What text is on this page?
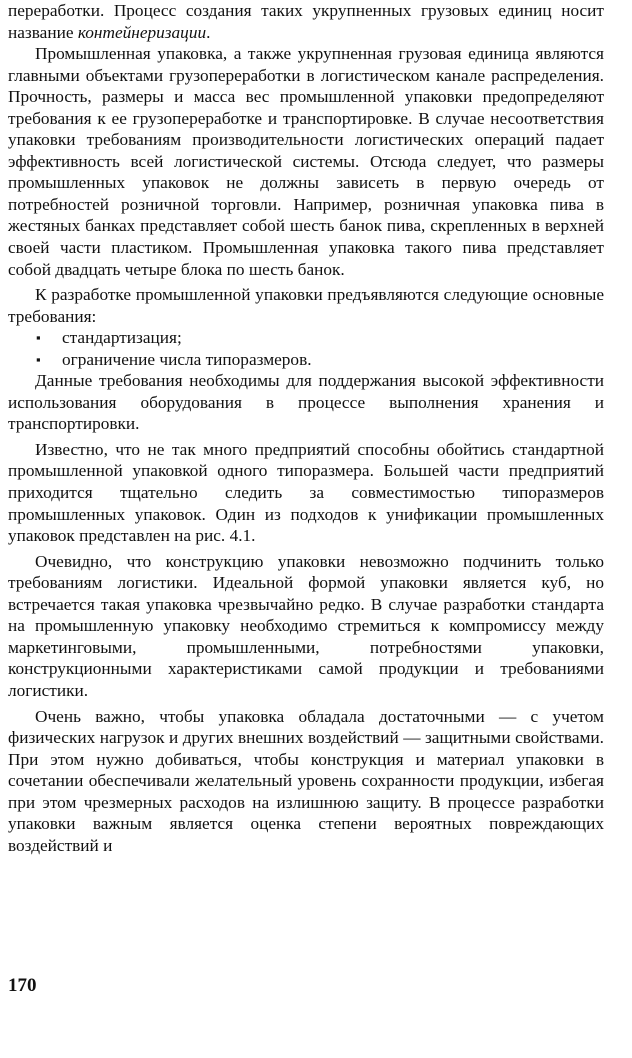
переработки. Процесс создания таких укрупненных грузовых единиц носит название контейнеризации.

Промышленная упаковка, а также укрупненная грузовая единица являются главными объектами грузопереработки в логистическом канале распределения. Прочность, размеры и масса вес промышленной упаковки предопределяют требования к ее грузопереработке и транспортировке. В случае несоответствия упаковки требованиям производительности логистических операций падает эффективность всей логистической системы. Отсюда следует, что размеры промышленных упаковок не должны зависеть в первую очередь от потребностей розничной торговли. Например, розничная упаковка пива в жестяных банках представляет собой шесть банок пива, скрепленных в верхней своей части пластиком. Промышленная упаковка такого пива представляет собой двадцать четыре блока по шесть банок.

К разработке промышленной упаковки предъявляются следующие основные требования:

▪ стандартизация;
▪ ограничение числа типоразмеров.

Данные требования необходимы для поддержания высокой эффективности использования оборудования в процессе выполнения хранения и транспортировки.

Известно, что не так много предприятий способны обойтись стандартной промышленной упаковкой одного типоразмера. Большей части предприятий приходится тщательно следить за совместимостью типоразмеров промышленных упаковок. Один из подходов к унификации промышленных упаковок представлен на рис. 4.1.

Очевидно, что конструкцию упаковки невозможно подчинить только требованиям логистики. Идеальной формой упаковки является куб, но встречается такая упаковка чрезвычайно редко. В случае разработки стандарта на промышленную упаковку необходимо стремиться к компромиссу между маркетинговыми, промышленными, потребностями упаковки, конструкционными характеристиками самой продукции и требованиями логистики.

Очень важно, чтобы упаковка обладала достаточными — с учетом физических нагрузок и других внешних воздействий — защитными свойствами. При этом нужно добиваться, чтобы конструкция и материал упаковки в сочетании обеспечивали желательный уровень сохранности продукции, избегая при этом чрезмерных расходов на излишнюю защиту. В процессе разработки упаковки важным является оценка степени вероятных повреждающих воздействий и

170
